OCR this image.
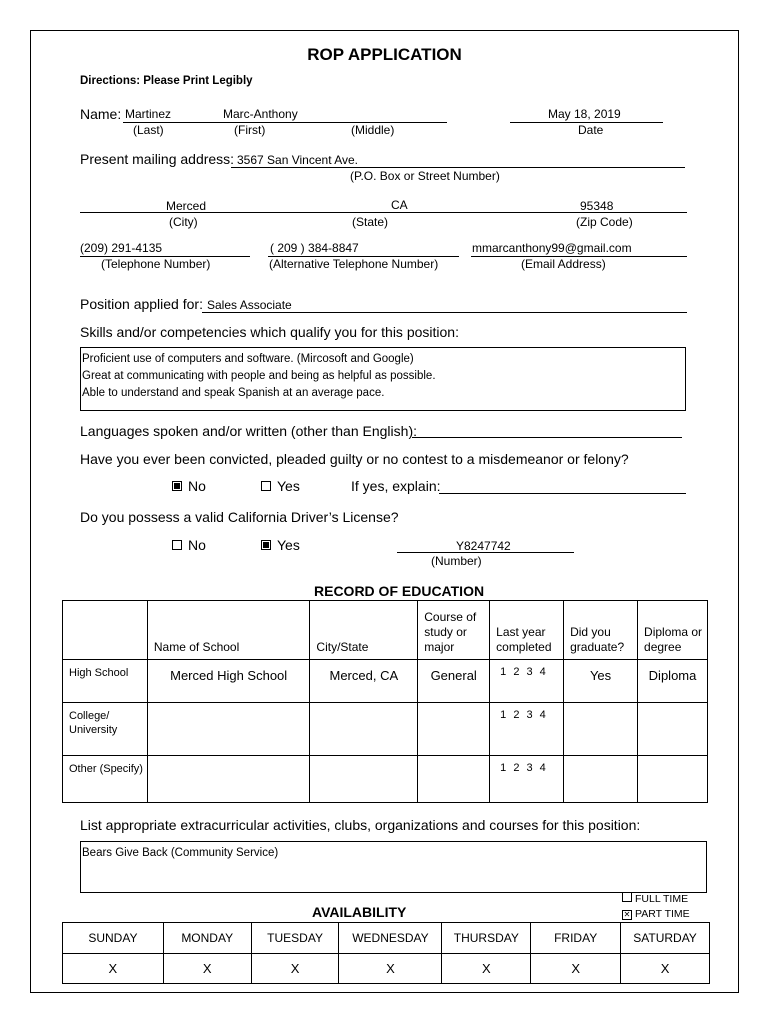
ROP APPLICATION
Directions: Please Print Legibly
Name: Martinez	Marc-Anthony	May 18, 2019
(Last)	(First)	(Middle)	Date
Present mailing address: 3567 San Vincent Ave.
(P.O. Box or Street Number)
Merced	CA	95348
(City)	(State)	(Zip Code)
(209) 291-4135	( 209 ) 384-8847	mmarcanthony99@gmail.com
(Telephone Number)	(Alternative Telephone Number)	(Email Address)
Position applied for: Sales Associate
Skills and/or competencies which qualify you for this position:
Proficient use of computers and software. (Mircosoft and Google)
Great at communicating with people and being as helpful as possible.
Able to understand and speak Spanish at an average pace.
Languages spoken and/or written (other than English):
Have you ever been convicted, pleaded guilty or no contest to a misdemeanor or felony?
No	Yes	If yes, explain:
Do you possess a valid California Driver’s License?
No	Yes	Y8247742
(Number)
RECORD OF EDUCATION
	Name of School	City/State	Course of study or major	Last year completed	Did you graduate?	Diploma or degree
High School	Merced High School	Merced, CA	General	1 2 3 4	Yes	Diploma
College/ University				1 2 3 4		
Other (Specify)				1 2 3 4		
List appropriate extracurricular activities, clubs, organizations and courses for this position:
Bears Give Back (Community Service)
FULL TIME
✕ PART TIME
AVAILABILITY
SUNDAY	MONDAY	TUESDAY	WEDNESDAY	THURSDAY	FRIDAY	SATURDAY
X	X	X	X	X	X	X
